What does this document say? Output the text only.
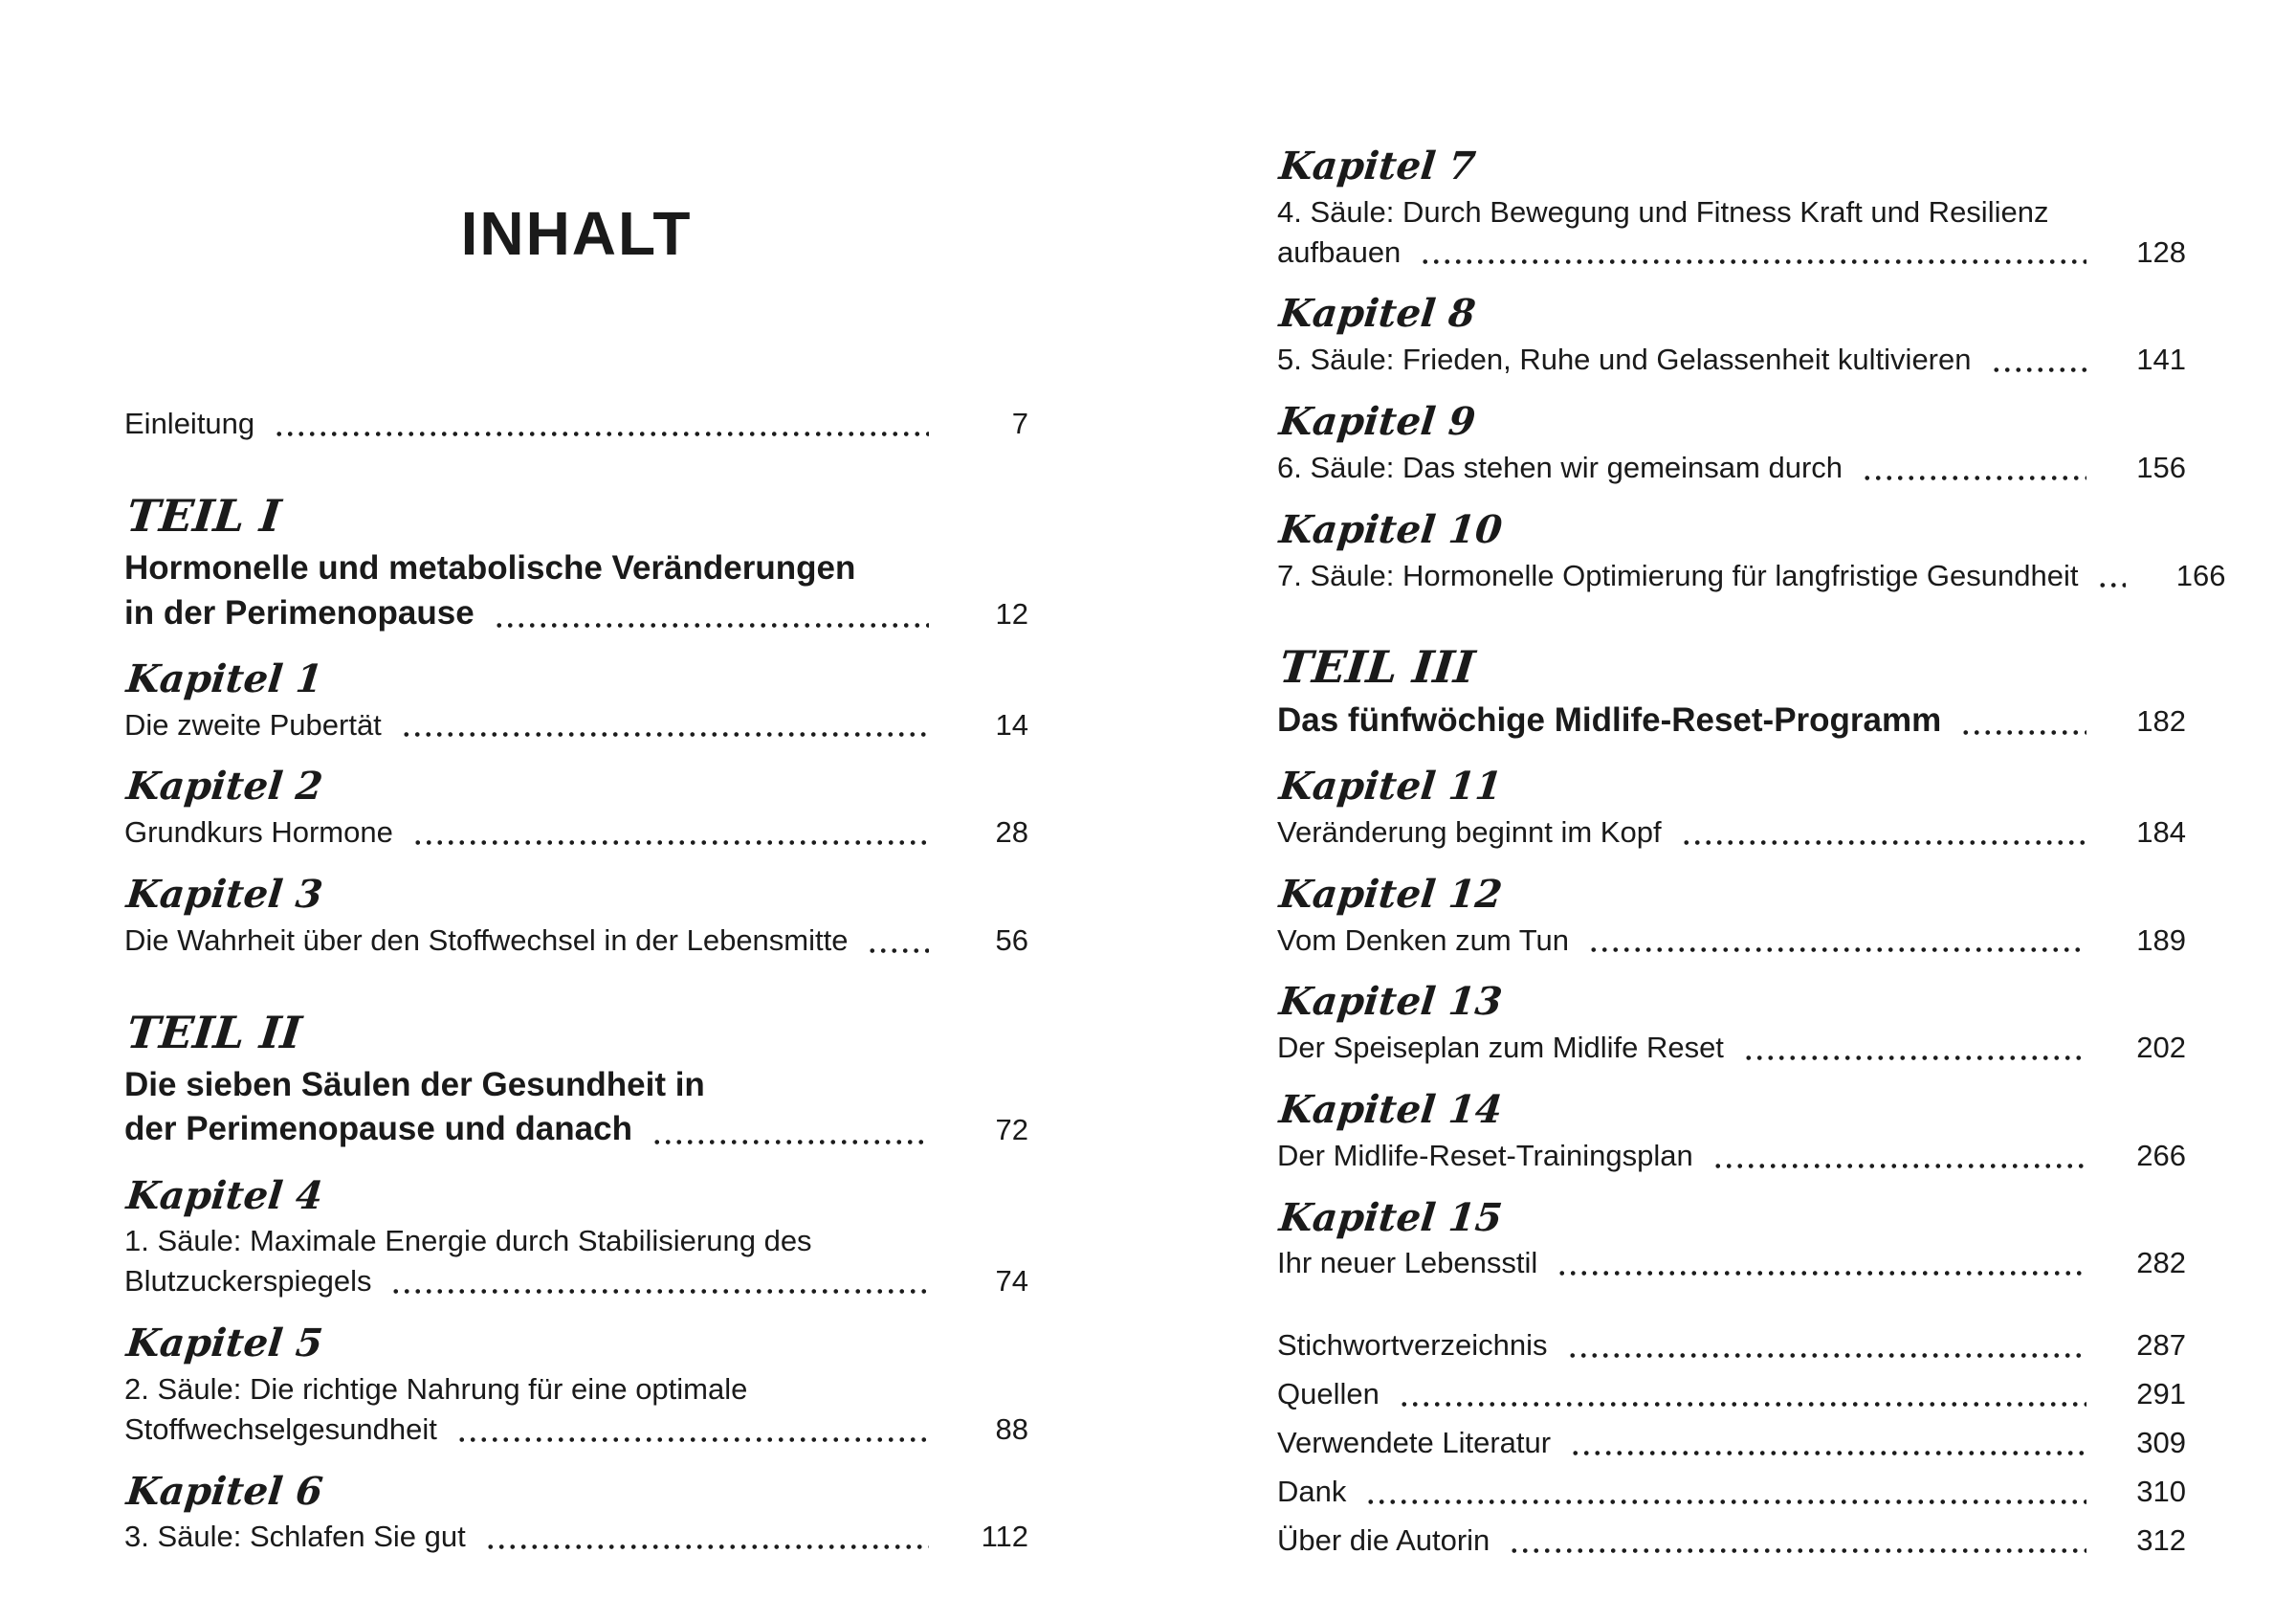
INHALT
Einleitung	7
TEIL I
Hormonelle und metabolische Veränderungen
in der Perimenopause	12
Kapitel 1
Die zweite Pubertät	14
Kapitel 2
Grundkurs Hormone	28
Kapitel 3
Die Wahrheit über den Stoffwechsel in der Lebensmitte	56
TEIL II
Die sieben Säulen der Gesundheit in
der Perimenopause und danach	72
Kapitel 4
1. Säule: Maximale Energie durch Stabilisierung des
Blutzuckerspiegels	74
Kapitel 5
2. Säule: Die richtige Nahrung für eine optimale
Stoffwechselgesundheit	88
Kapitel 6
3. Säule: Schlafen Sie gut	112
Kapitel 7
4. Säule: Durch Bewegung und Fitness Kraft und Resilienz
aufbauen	128
Kapitel 8
5. Säule: Frieden, Ruhe und Gelassenheit kultivieren	141
Kapitel 9
6. Säule: Das stehen wir gemeinsam durch	156
Kapitel 10
7. Säule: Hormonelle Optimierung für langfristige Gesundheit	166
TEIL III
Das fünfwöchige Midlife-Reset-Programm	182
Kapitel 11
Veränderung beginnt im Kopf	184
Kapitel 12
Vom Denken zum Tun	189
Kapitel 13
Der Speiseplan zum Midlife Reset	202
Kapitel 14
Der Midlife-Reset-Trainingsplan	266
Kapitel 15
Ihr neuer Lebensstil	282
Stichwortverzeichnis	287
Quellen	291
Verwendete Literatur	309
Dank	310
Über die Autorin	312
